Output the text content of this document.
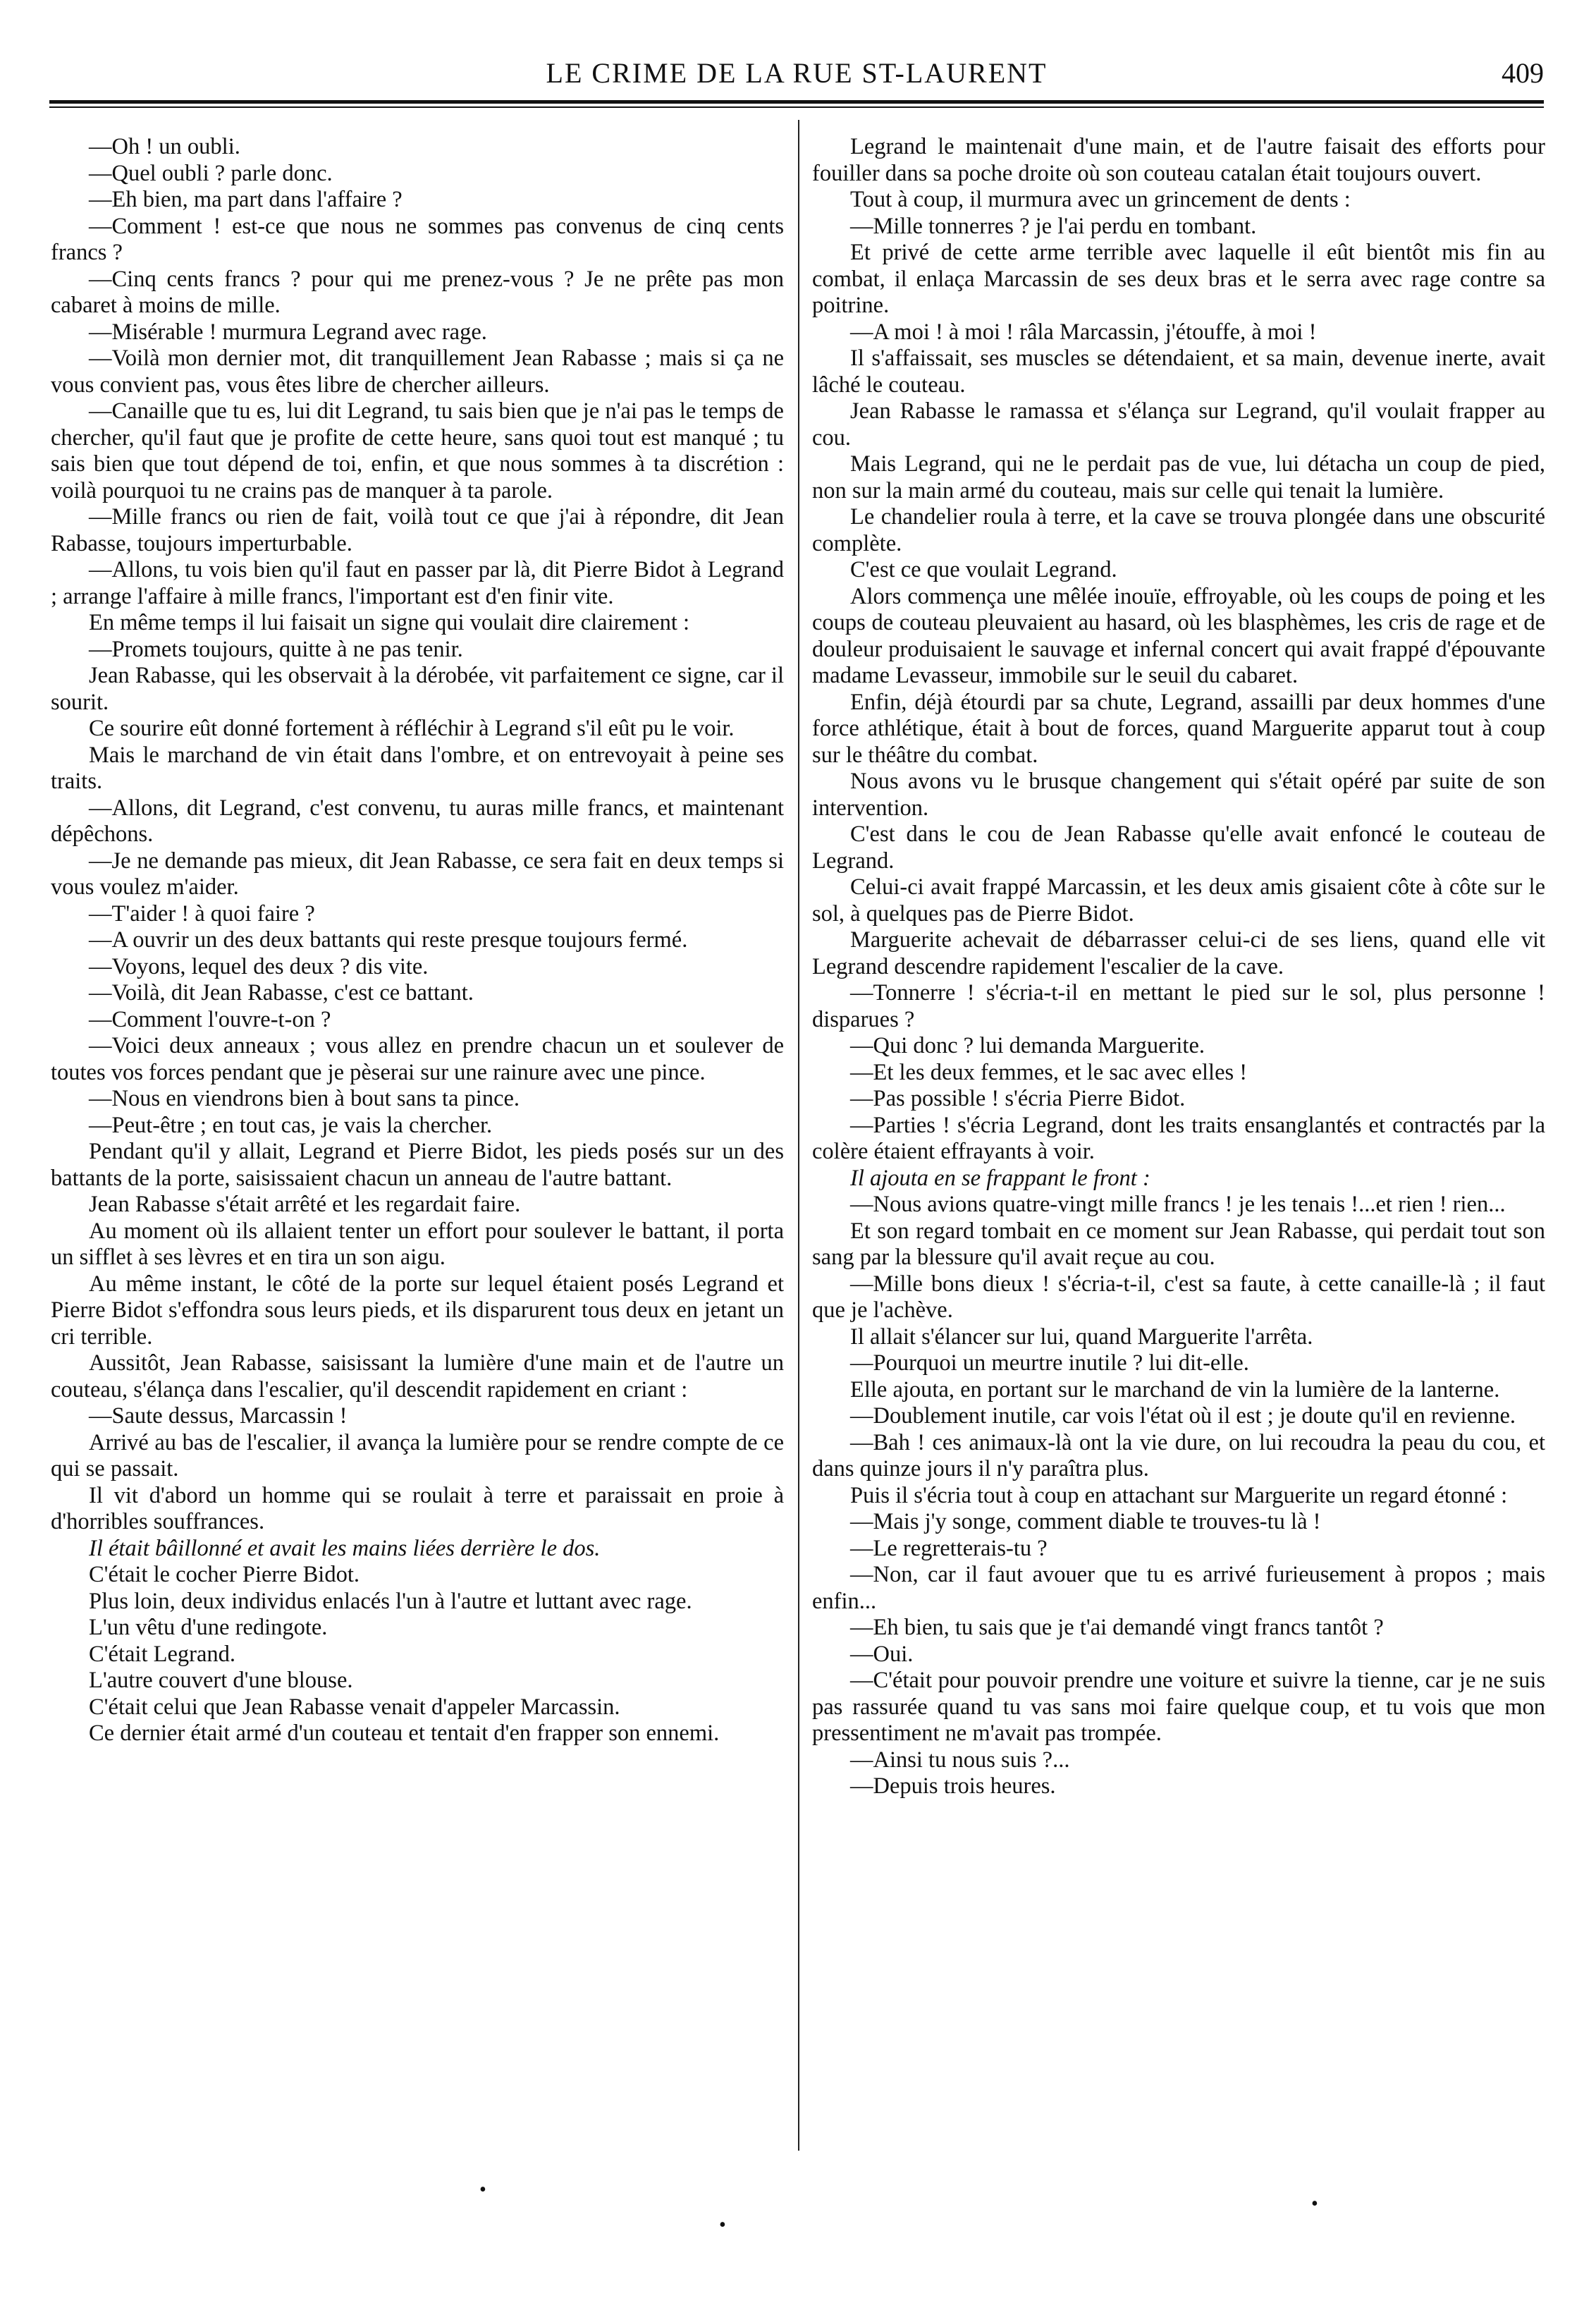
LE CRIME DE LA RUE ST-LAURENT	409

—Oh ! un oubli.

—Quel oubli ? parle donc.

—Eh bien, ma part dans l'affaire ?

—Comment ! est-ce que nous ne sommes pas convenus de cinq cents francs ?

—Cinq cents francs ? pour qui me prenez-vous ? Je ne prête pas mon cabaret à moins de mille.

—Misérable ! murmura Legrand avec rage.

—Voilà mon dernier mot, dit tranquillement Jean Rabasse ; mais si ça ne vous convient pas, vous êtes libre de chercher ailleurs.

—Canaille que tu es, lui dit Legrand, tu sais bien que je n'ai pas le temps de chercher, qu'il faut que je profite de cette heure, sans quoi tout est manqué ; tu sais bien que tout dépend de toi, enfin, et que nous sommes à ta discrétion : voilà pourquoi tu ne crains pas de manquer à ta parole.

—Mille francs ou rien de fait, voilà tout ce que j'ai à répondre, dit Jean Rabasse, toujours imperturbable.

—Allons, tu vois bien qu'il faut en passer par là, dit Pierre Bidot à Legrand ; arrange l'affaire à mille francs, l'important est d'en finir vite.

En même temps il lui faisait un signe qui voulait dire clairement :

—Promets toujours, quitte à ne pas tenir.

Jean Rabasse, qui les observait à la dérobée, vit parfaitement ce signe, car il sourit.

Ce sourire eût donné fortement à réfléchir à Legrand s'il eût pu le voir.

Mais le marchand de vin était dans l'ombre, et on entrevoyait à peine ses traits.

—Allons, dit Legrand, c'est convenu, tu auras mille francs, et maintenant dépêchons.

—Je ne demande pas mieux, dit Jean Rabasse, ce sera fait en deux temps si vous voulez m'aider.

—T'aider ! à quoi faire ?

—A ouvrir un des deux battants qui reste presque toujours fermé.

—Voyons, lequel des deux ? dis vite.

—Voilà, dit Jean Rabasse, c'est ce battant.

—Comment l'ouvre-t-on ?

—Voici deux anneaux ; vous allez en prendre chacun un et soulever de toutes vos forces pendant que je pèserai sur une rainure avec une pince.

—Nous en viendrons bien à bout sans ta pince.

—Peut-être ; en tout cas, je vais la chercher.

Pendant qu'il y allait, Legrand et Pierre Bidot, les pieds posés sur un des battants de la porte, saisissaient chacun un anneau de l'autre battant.

Jean Rabasse s'était arrêté et les regardait faire.

Au moment où ils allaient tenter un effort pour soulever le battant, il porta un sifflet à ses lèvres et en tira un son aigu.

Au même instant, le côté de la porte sur lequel étaient posés Legrand et Pierre Bidot s'effondra sous leurs pieds, et ils disparurent tous deux en jetant un cri terrible.

Aussitôt, Jean Rabasse, saisissant la lumière d'une main et de l'autre un couteau, s'élança dans l'escalier, qu'il descendit rapidement en criant :

—Saute dessus, Marcassin !

Arrivé au bas de l'escalier, il avança la lumière pour se rendre compte de ce qui se passait.

Il vit d'abord un homme qui se roulait à terre et paraissait en proie à d'horribles souffrances.

Il était bâillonné et avait les mains liées derrière le dos.

C'était le cocher Pierre Bidot.

Plus loin, deux individus enlacés l'un à l'autre et luttant avec rage.

L'un vêtu d'une redingote.

C'était Legrand.

L'autre couvert d'une blouse.

C'était celui que Jean Rabasse venait d'appeler Marcassin.

Ce dernier était armé d'un couteau et tentait d'en frapper son ennemi.

Legrand le maintenait d'une main, et de l'autre faisait des efforts pour fouiller dans sa poche droite où son couteau catalan était toujours ouvert.

Tout à coup, il murmura avec un grincement de dents :

—Mille tonnerres ? je l'ai perdu en tombant.

Et privé de cette arme terrible avec laquelle il eût bientôt mis fin au combat, il enlaça Marcassin de ses deux bras et le serra avec rage contre sa poitrine.

—A moi ! à moi ! râla Marcassin, j'étouffe, à moi !

Il s'affaissait, ses muscles se détendaient, et sa main, devenue inerte, avait lâché le couteau.

Jean Rabasse le ramassa et s'élança sur Legrand, qu'il voulait frapper au cou.

Mais Legrand, qui ne le perdait pas de vue, lui détacha un coup de pied, non sur la main armé du couteau, mais sur celle qui tenait la lumière.

Le chandelier roula à terre, et la cave se trouva plongée dans une obscurité complète.

C'est ce que voulait Legrand.

Alors commença une mêlée inouïe, effroyable, où les coups de poing et les coups de couteau pleuvaient au hasard, où les blasphèmes, les cris de rage et de douleur produisaient le sauvage et infernal concert qui avait frappé d'épouvante madame Levasseur, immobile sur le seuil du cabaret.

Enfin, déjà étourdi par sa chute, Legrand, assailli par deux hommes d'une force athlétique, était à bout de forces, quand Marguerite apparut tout à coup sur le théâtre du combat.

Nous avons vu le brusque changement qui s'était opéré par suite de son intervention.

C'est dans le cou de Jean Rabasse qu'elle avait enfoncé le couteau de Legrand.

Celui-ci avait frappé Marcassin, et les deux amis gisaient côte à côte sur le sol, à quelques pas de Pierre Bidot.

Marguerite achevait de débarrasser celui-ci de ses liens, quand elle vit Legrand descendre rapidement l'escalier de la cave.

—Tonnerre ! s'écria-t-il en mettant le pied sur le sol, plus personne ! disparues ?

—Qui donc ? lui demanda Marguerite.

—Et les deux femmes, et le sac avec elles !

—Pas possible ! s'écria Pierre Bidot.

—Parties ! s'écria Legrand, dont les traits ensanglantés et contractés par la colère étaient effrayants à voir.

Il ajouta en se frappant le front :

—Nous avions quatre-vingt mille francs ! je les tenais !...et rien ! rien...

Et son regard tombait en ce moment sur Jean Rabasse, qui perdait tout son sang par la blessure qu'il avait reçue au cou.

—Mille bons dieux ! s'écria-t-il, c'est sa faute, à cette canaille-là ; il faut que je l'achève.

Il allait s'élancer sur lui, quand Marguerite l'arrêta.

—Pourquoi un meurtre inutile ? lui dit-elle.

Elle ajouta, en portant sur le marchand de vin la lumière de la lanterne.

—Doublement inutile, car vois l'état où il est ; je doute qu'il en revienne.

—Bah ! ces animaux-là ont la vie dure, on lui recoudra la peau du cou, et dans quinze jours il n'y paraîtra plus.

Puis il s'écria tout à coup en attachant sur Marguerite un regard étonné :

—Mais j'y songe, comment diable te trouves-tu là !

—Le regretterais-tu ?

—Non, car il faut avouer que tu es arrivé furieusement à propos ; mais enfin...

—Eh bien, tu sais que je t'ai demandé vingt francs tantôt ?

—Oui.

—C'était pour pouvoir prendre une voiture et suivre la tienne, car je ne suis pas rassurée quand tu vas sans moi faire quelque coup, et tu vois que mon pressentiment ne m'avait pas trompée.

—Ainsi tu nous suis ?...

—Depuis trois heures.

•
•
•
